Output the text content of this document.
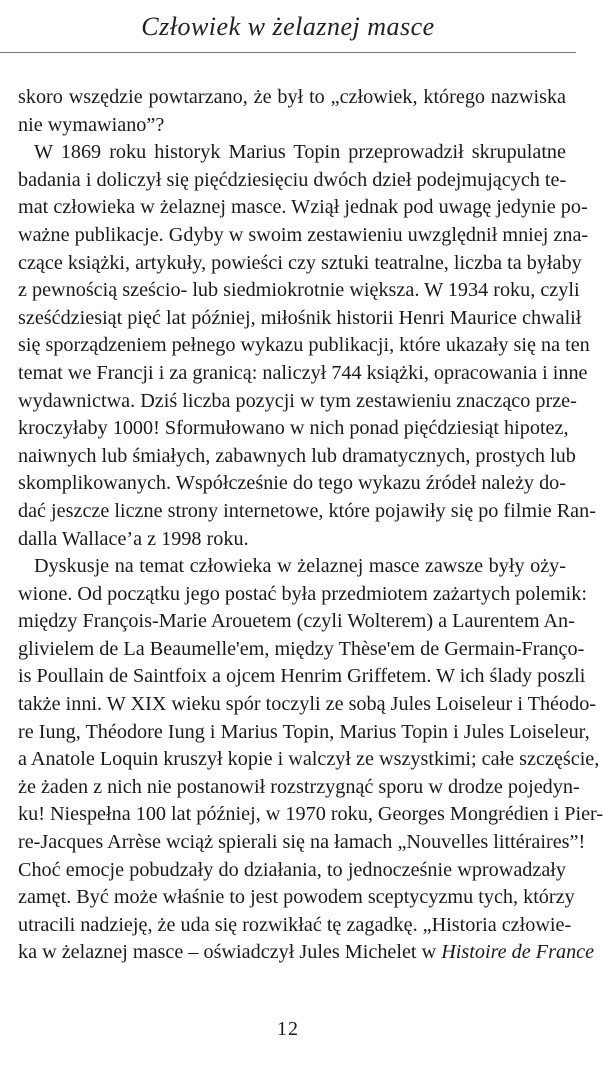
Człowiek w żelaznej masce
skoro wszędzie powtarzano, że był to „człowiek, którego nazwiska
nie wymawiano”?
W 1869 roku historyk Marius Topin przeprowadził skrupulatne
badania i doliczył się pięćdziesięciu dwóch dzieł podejmujących te-
mat człowieka w żelaznej masce. Wziął jednak pod uwagę jedynie po-
ważne publikacje. Gdyby w swoim zestawieniu uwzględnił mniej zna-
czące książki, artykuły, powieści czy sztuki teatralne, liczba ta byłaby
z pewnością sześcio- lub siedmiokrotnie większa. W 1934 roku, czyli
sześćdziesiąt pięć lat później, miłośnik historii Henri Maurice chwalił
się sporządzeniem pełnego wykazu publikacji, które ukazały się na ten
temat we Francji i za granicą: naliczył 744 książki, opracowania i inne
wydawnictwa. Dziś liczba pozycji w tym zestawieniu znacząco prze-
kroczyłaby 1000! Sformułowano w nich ponad pięćdziesiąt hipotez,
naiwnych lub śmiałych, zabawnych lub dramatycznych, prostych lub
skomplikowanych. Współcześnie do tego wykazu źródeł należy do-
dać jeszcze liczne strony internetowe, które pojawiły się po filmie Ran-
dalla Wallace’a z 1998 roku.
Dyskusje na temat człowieka w żelaznej masce zawsze były oży-
wione. Od początku jego postać była przedmiotem zażartych polemik:
między François-Marie Arouetem (czyli Wolterem) a Laurentem An-
glivielem de La Beaumelle'em, między Thèse'em de Germain-Franço-
is Poullain de Saintfoix a ojcem Henrim Griffetem. W ich ślady poszli
także inni. W XIX wieku spór toczyli ze sobą Jules Loiseleur i Théodo-
re Iung, Théodore Iung i Marius Topin, Marius Topin i Jules Loiseleur,
a Anatole Loquin kruszył kopie i walczył ze wszystkimi; całe szczęście,
że żaden z nich nie postanowił rozstrzygnąć sporu w drodze pojedyn-
ku! Niespełna 100 lat później, w 1970 roku, Georges Mongrédien i Pier-
re-Jacques Arrèse wciąż spierali się na łamach „Nouvelles littéraires”!
Choć emocje pobudzały do działania, to jednocześnie wprowadzały
zamęt. Być może właśnie to jest powodem sceptycyzmu tych, którzy
utracili nadzieję, że uda się rozwikłać tę zagadkę. „Historia człowie-
ka w żelaznej masce – oświadczył Jules Michelet w Histoire de France
12
